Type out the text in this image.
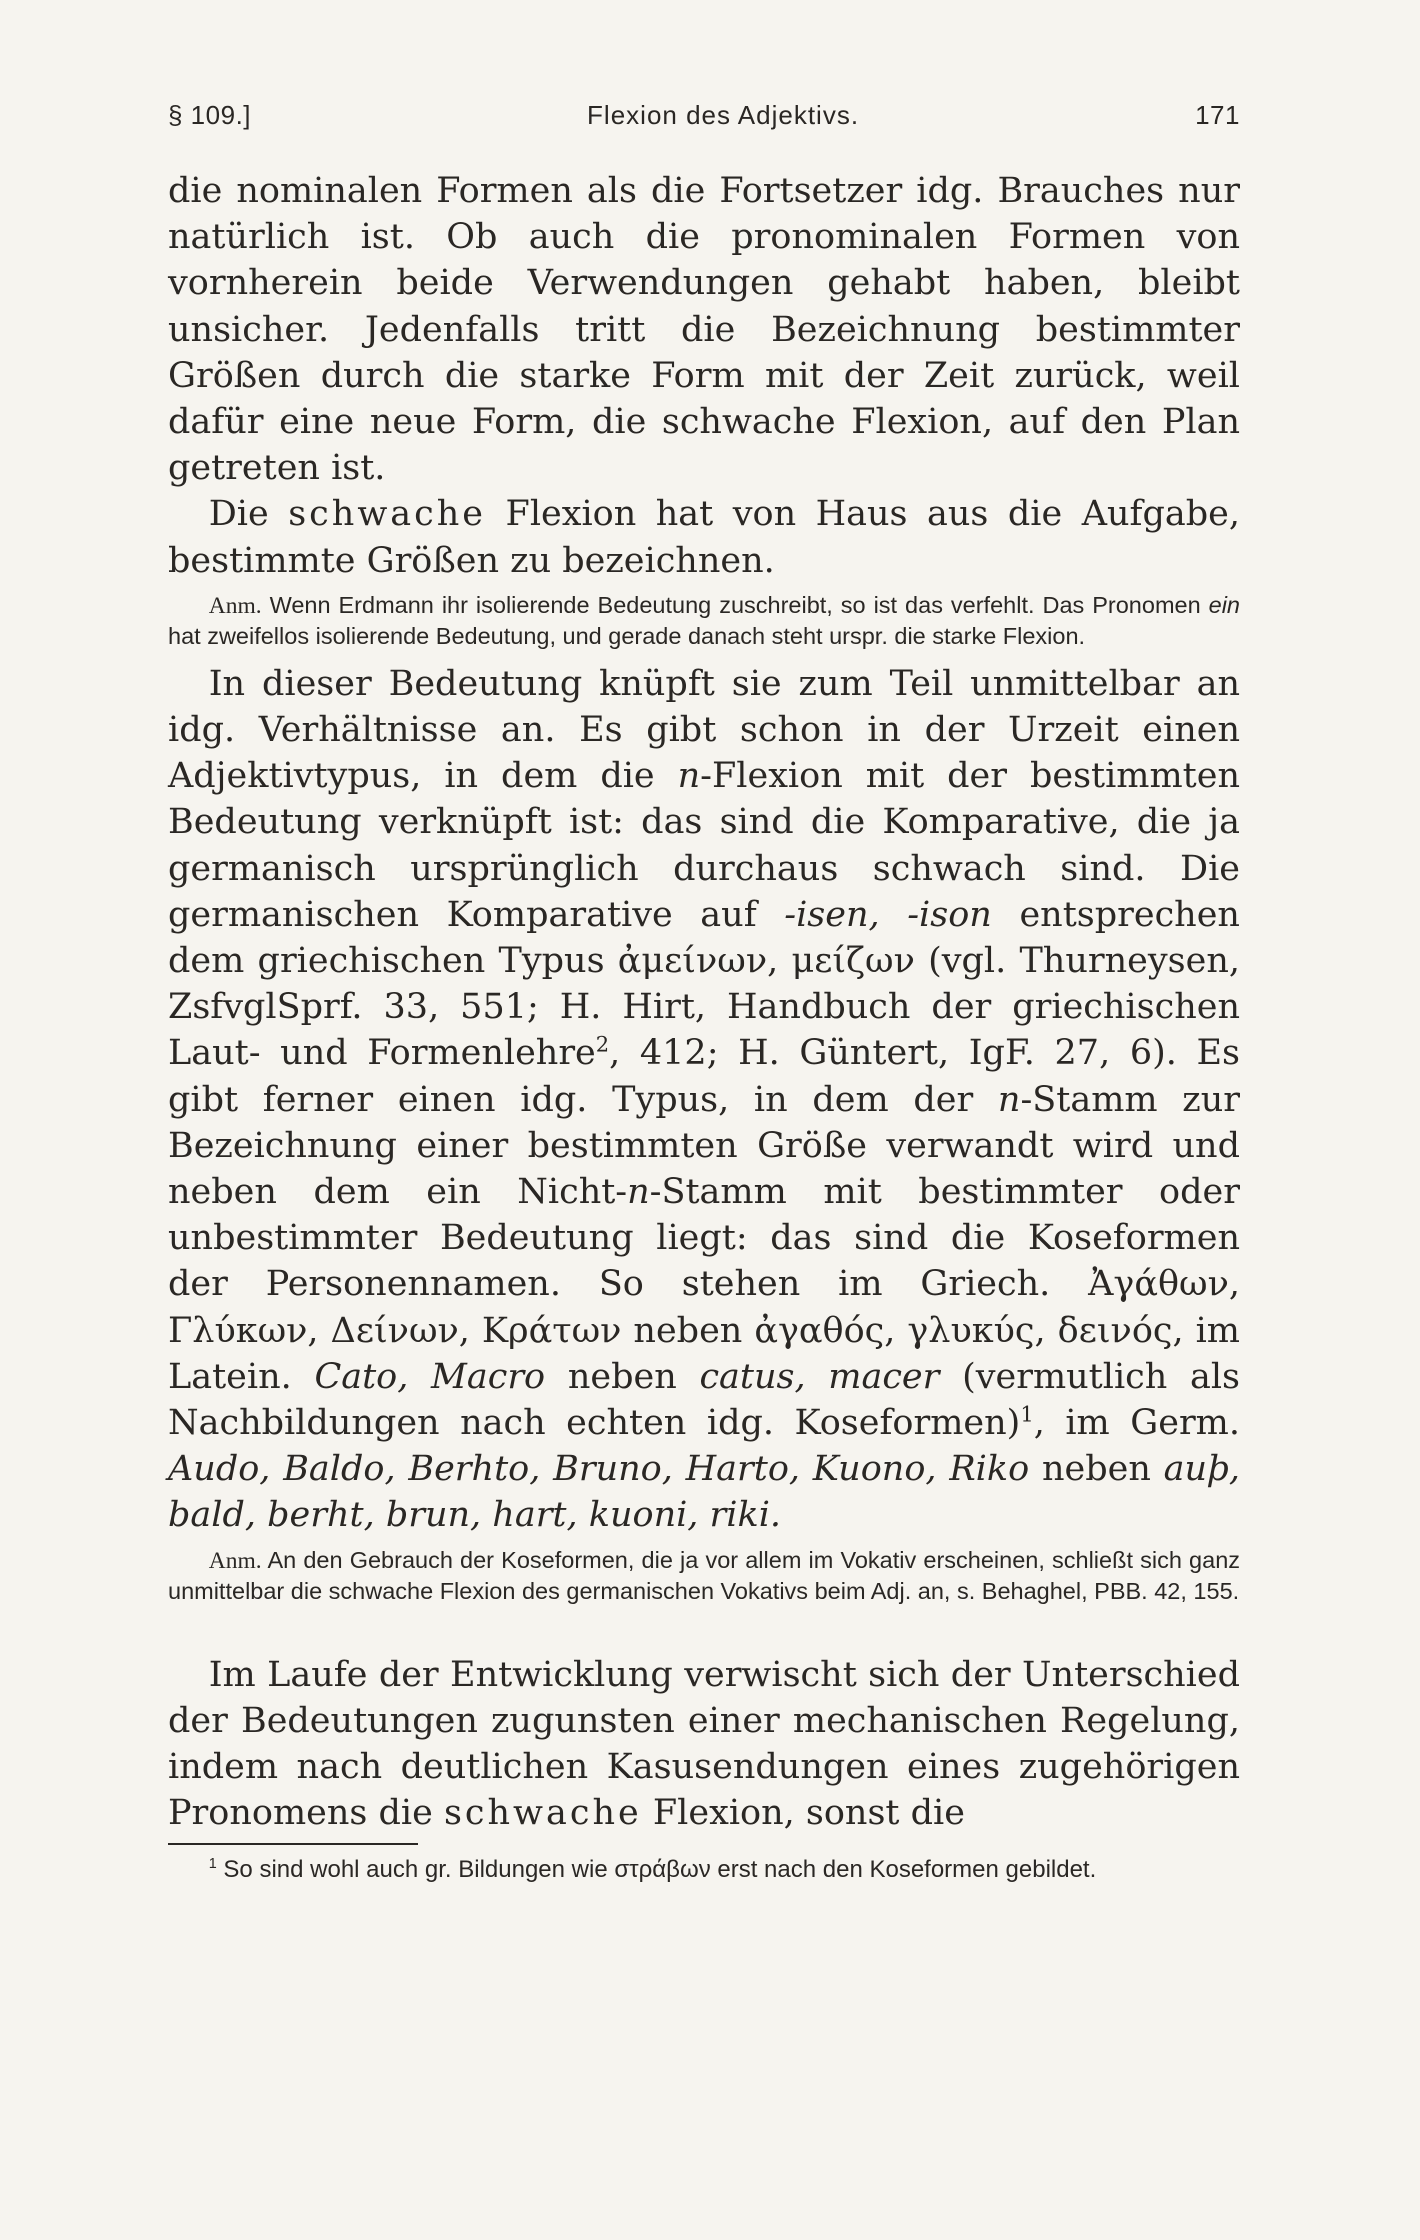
§ 109.]	Flexion des Adjektivs.	171

die nominalen Formen als die Fortsetzer idg. Brauches nur natürlich ist. Ob auch die pronominalen Formen von vornherein beide Verwendungen gehabt haben, bleibt unsicher. Jedenfalls tritt die Bezeichnung bestimmter Größen durch die starke Form mit der Zeit zurück, weil dafür eine neue Form, die schwache Flexion, auf den Plan getreten ist.

Die schwache Flexion hat von Haus aus die Aufgabe, bestimmte Größen zu bezeichnen.

Anm. Wenn Erdmann ihr isolierende Bedeutung zuschreibt, so ist das verfehlt. Das Pronomen ein hat zweifellos isolierende Bedeutung, und gerade danach steht urspr. die starke Flexion.

In dieser Bedeutung knüpft sie zum Teil unmittelbar an idg. Verhältnisse an. Es gibt schon in der Urzeit einen Adjektivtypus, in dem die n-Flexion mit der bestimmten Bedeutung verknüpft ist: das sind die Komparative, die ja germanisch ursprünglich durchaus schwach sind. Die germanischen Komparative auf -isen, -ison entsprechen dem griechischen Typus ἀμείνων, μείζων (vgl. Thurneysen, ZsfvglSprf. 33, 551; H. Hirt, Handbuch der griechischen Laut- und Formenlehre$^2$, 412; H. Güntert, IgF. 27, 6). Es gibt ferner einen idg. Typus, in dem der n-Stamm zur Bezeichnung einer bestimmten Größe verwandt wird und neben dem ein Nicht-n-Stamm mit bestimmter oder unbestimmter Bedeutung liegt: das sind die Koseformen der Personennamen. So stehen im Griech. Ἀγάθων, Γλύκων, Δείνων, Κράτων neben ἀγαθός, γλυκύς, δεινός, im Latein. Cato, Macro neben catus, macer (vermutlich als Nachbildungen nach echten idg. Koseformen)$^1$, im Germ. Audo, Baldo, Berhto, Bruno, Harto, Kuono, Riko neben auþ, bald, berht, brun, hart, kuoni, riki.

Anm. An den Gebrauch der Koseformen, die ja vor allem im Vokativ erscheinen, schließt sich ganz unmittelbar die schwache Flexion des germanischen Vokativs beim Adj. an, s. Behaghel, PBB. 42, 155.

Im Laufe der Entwicklung verwischt sich der Unterschied der Bedeutungen zugunsten einer mechanischen Regelung, indem nach deutlichen Kasusendungen eines zugehörigen Pronomens die schwache Flexion, sonst die

$^1$ So sind wohl auch gr. Bildungen wie στράβων erst nach den Koseformen gebildet.
